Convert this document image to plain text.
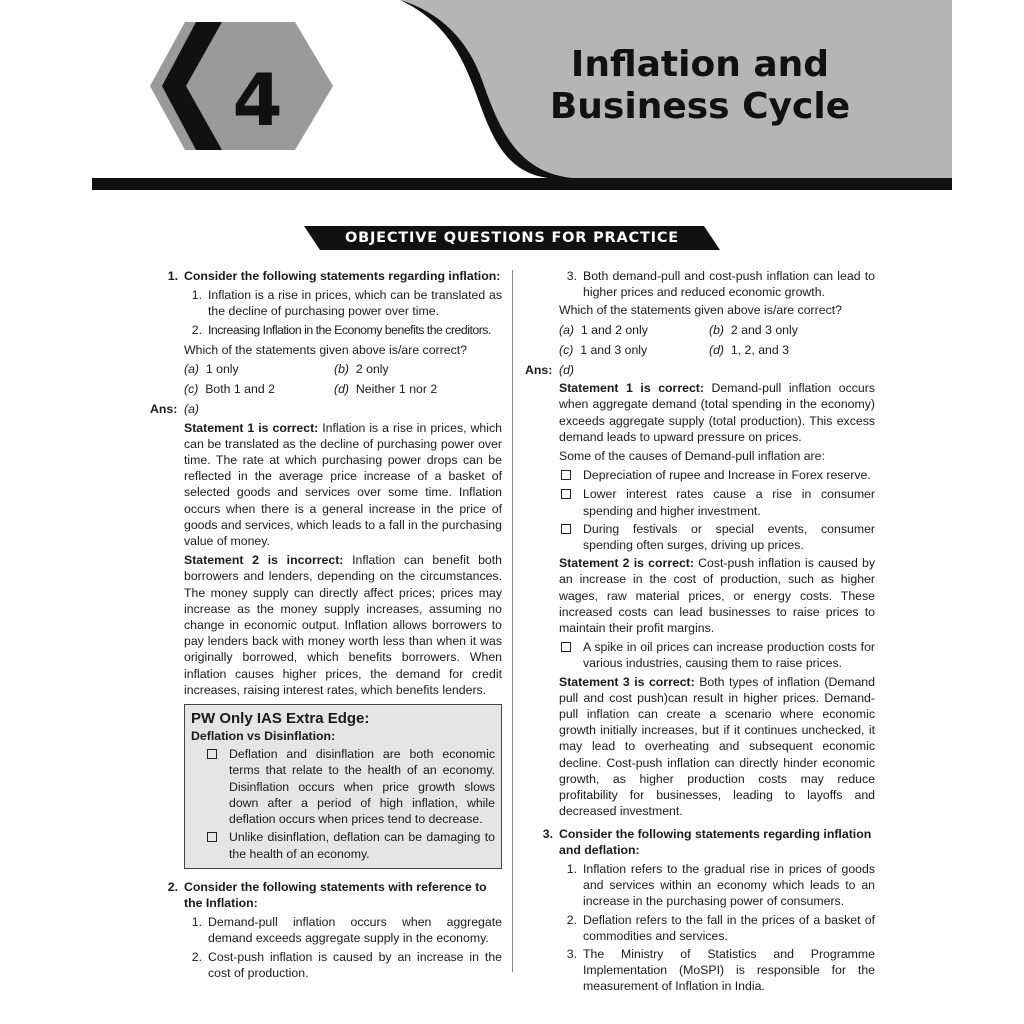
4	Inflation and
Business Cycle
OBJECTIVE QUESTIONS FOR PRACTICE
1. Consider the following statements regarding inflation:
1. Inflation is a rise in prices, which can be translated as the decline of purchasing power over time.
2. Increasing Inflation in the Economy benefits the creditors.
Which of the statements given above is/are correct?
(a) 1 only	(b) 2 only
(c) Both 1 and 2	(d) Neither 1 nor 2
Ans: (a)
Statement 1 is correct: Inflation is a rise in prices, which can be translated as the decline of purchasing power over time. The rate at which purchasing power drops can be reflected in the average price increase of a basket of selected goods and services over some time. Inflation occurs when there is a general increase in the price of goods and services, which leads to a fall in the purchasing value of money.
Statement 2 is incorrect: Inflation can benefit both borrowers and lenders, depending on the circumstances. The money supply can directly affect prices; prices may increase as the money supply increases, assuming no change in economic output. Inflation allows borrowers to pay lenders back with money worth less than when it was originally borrowed, which benefits borrowers. When inflation causes higher prices, the demand for credit increases, raising interest rates, which benefits lenders.
PW Only IAS Extra Edge:
Deflation vs Disinflation:
Deflation and disinflation are both economic terms that relate to the health of an economy. Disinflation occurs when price growth slows down after a period of high inflation, while deflation occurs when prices tend to decrease.
Unlike disinflation, deflation can be damaging to the health of an economy.
2. Consider the following statements with reference to the Inflation:
1. Demand-pull inflation occurs when aggregate demand exceeds aggregate supply in the economy.
2. Cost-push inflation is caused by an increase in the cost of production.
3. Both demand-pull and cost-push inflation can lead to higher prices and reduced economic growth.
Which of the statements given above is/are correct?
(a) 1 and 2 only	(b) 2 and 3 only
(c) 1 and 3 only	(d) 1, 2, and 3
Ans: (d)
Statement 1 is correct: Demand-pull inflation occurs when aggregate demand (total spending in the economy) exceeds aggregate supply (total production). This excess demand leads to upward pressure on prices.
Some of the causes of Demand-pull inflation are:
Depreciation of rupee and Increase in Forex reserve.
Lower interest rates cause a rise in consumer spending and higher investment.
During festivals or special events, consumer spending often surges, driving up prices.
Statement 2 is correct: Cost-push inflation is caused by an increase in the cost of production, such as higher wages, raw material prices, or energy costs. These increased costs can lead businesses to raise prices to maintain their profit margins.
A spike in oil prices can increase production costs for various industries, causing them to raise prices.
Statement 3 is correct: Both types of inflation (Demand pull and cost push)can result in higher prices. Demand-pull inflation can create a scenario where economic growth initially increases, but if it continues unchecked, it may lead to overheating and subsequent economic decline. Cost-push inflation can directly hinder economic growth, as higher production costs may reduce profitability for businesses, leading to layoffs and decreased investment.
3. Consider the following statements regarding inflation and deflation:
1. Inflation refers to the gradual rise in prices of goods and services within an economy which leads to an increase in the purchasing power of consumers.
2. Deflation refers to the fall in the prices of a basket of commodities and services.
3. The Ministry of Statistics and Programme Implementation (MoSPI) is responsible for the measurement of Inflation in India.
